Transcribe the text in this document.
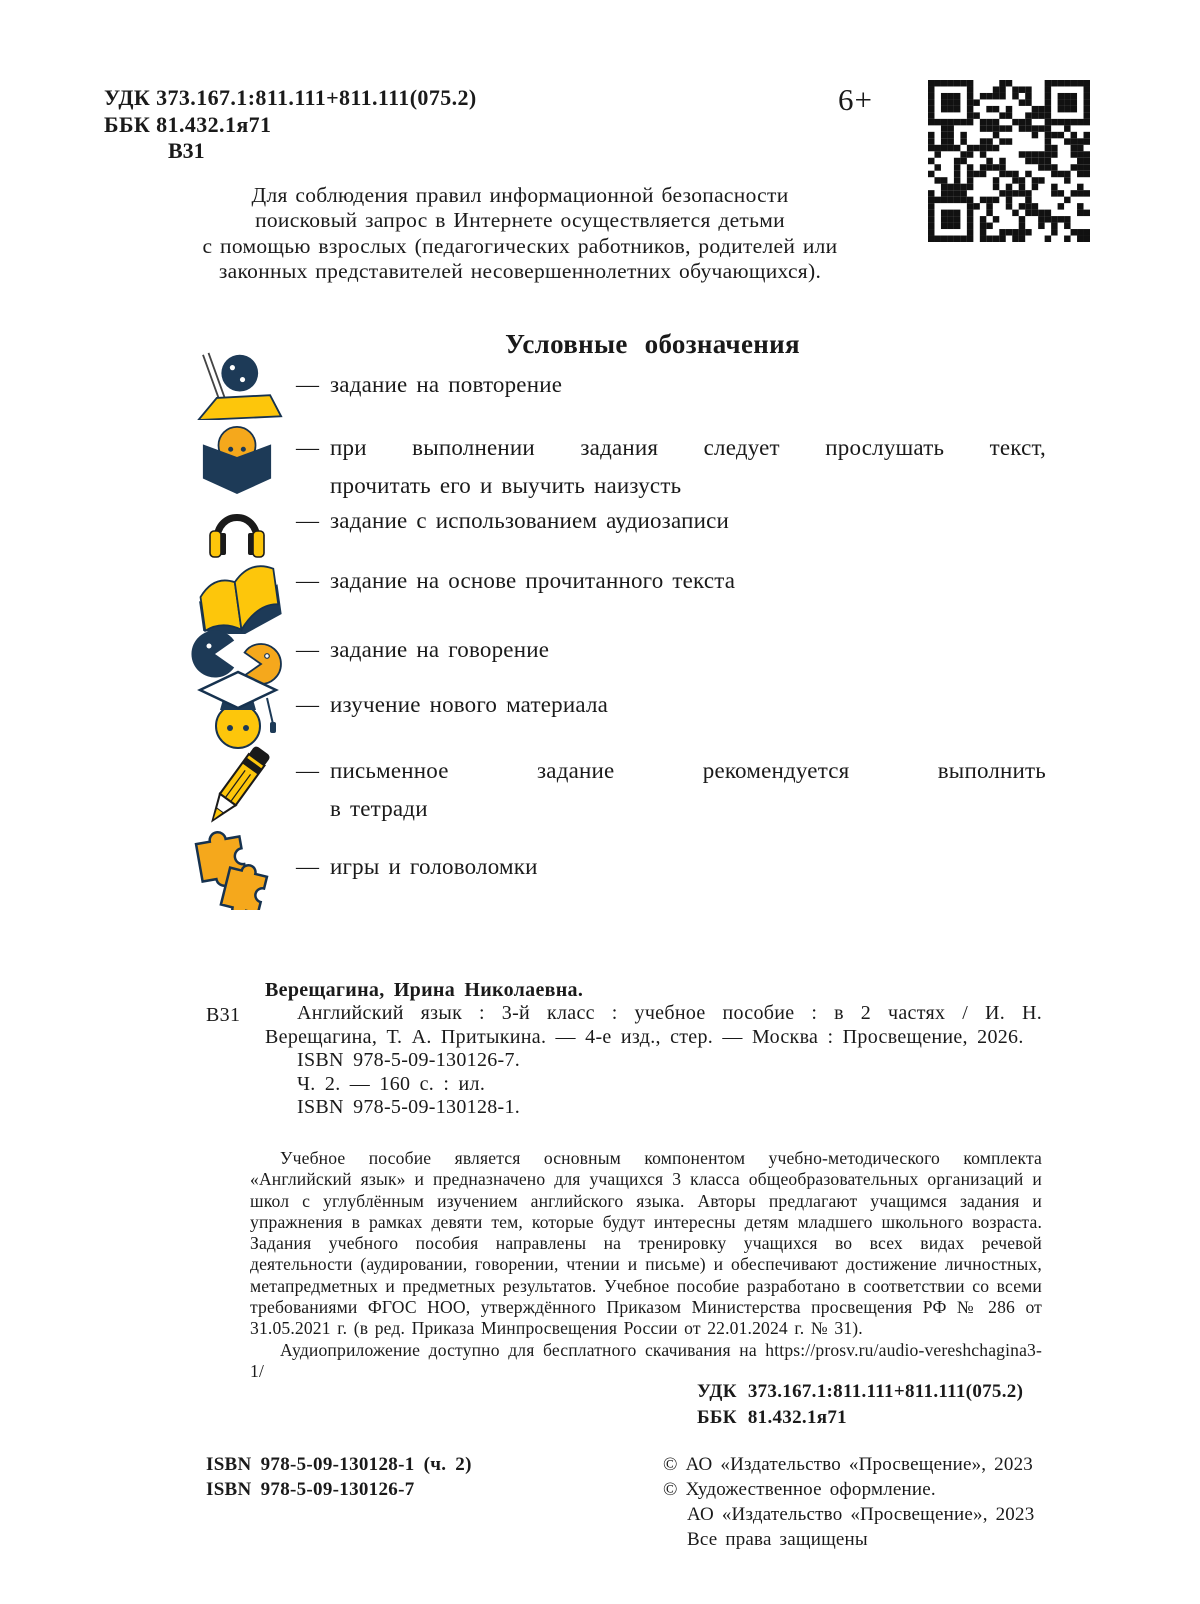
УДК 373.167.1:811.111+811.111(075.2)
ББК 81.432.1я71
В31
6+
Для соблюдения правил информационной безопасности
поисковый запрос в Интернете осуществляется детьми
с помощью взрослых (педагогических работников, родителей или
законных представителей несовершеннолетних обучающихся).
Условные обозначения
— задание на повторение
— при выполнении задания следует прослушать текст,
прочитать его и выучить наизусть
— задание с использованием аудиозаписи
— задание на основе прочитанного текста
— задание на говорение
— изучение нового материала
— письменное задание рекомендуется выполнить
в тетради
— игры и головоломки
В31
Верещагина, Ирина Николаевна.
Английский язык : 3-й класс : учебное пособие : в 2 частях / И. Н. Верещагина, Т. А. Притыкина. — 4-е изд., стер. — Москва : Просвещение, 2026.
ISBN 978-5-09-130126-7.
Ч. 2. — 160 с. : ил.
ISBN 978-5-09-130128-1.

Учебное пособие является основным компонентом учебно-методического комплекта «Английский язык» и предназначено для учащихся 3 класса общеобразовательных организаций и школ с углублённым изучением английского языка. Авторы предлагают учащимся задания и упражнения в рамках девяти тем, которые будут интересны детям младшего школьного возраста. Задания учебного пособия направлены на тренировку учащихся во всех видах речевой деятельности (аудировании, говорении, чтении и письме) и обеспечивают достижение личностных, метапредметных и предметных результатов. Учебное пособие разработано в соответствии со всеми требованиями ФГОС НОО, утверждённого Приказом Министерства просвещения РФ № 286 от 31.05.2021 г. (в ред. Приказа Минпросвещения России от 22.01.2024 г. № 31).

Аудиоприложение доступно для бесплатного скачивания на https://prosv.ru/audio-vereshchagina3-1/

УДК 373.167.1:811.111+811.111(075.2)
ББК 81.432.1я71
ISBN 978-5-09-130128-1 (ч. 2)
ISBN 978-5-09-130126-7
© АО «Издательство «Просвещение», 2023
© Художественное оформление.
АО «Издательство «Просвещение», 2023
Все права защищены
